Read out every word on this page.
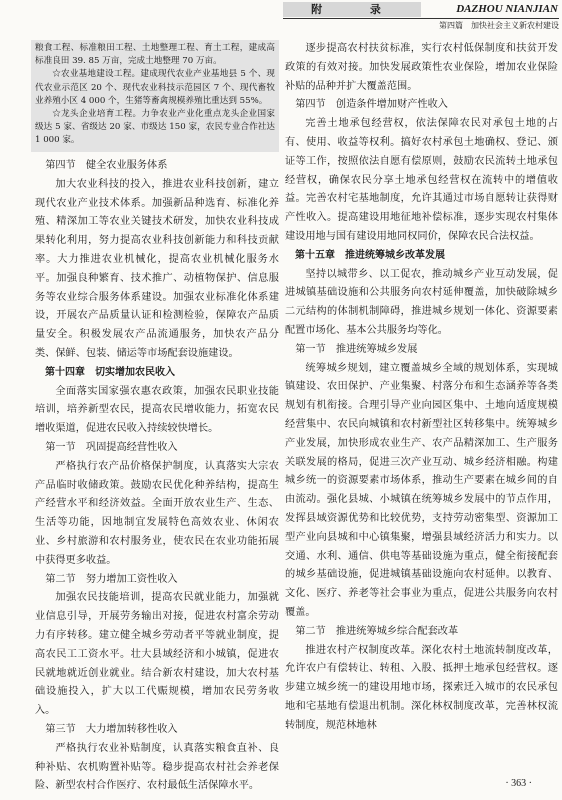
附 录	DAZHOU NIANJIAN
第四篇　加快社会主义新农村建设

粮食工程、标准粮田工程、土地整理工程、育土工程，建成高标准良田 39. 85 万亩，完成土地整理 70 万亩。

☆农业基地建设工程。建成现代农业产业基地县 5 个、现代农业示范区 20 个、现代农业科技示范园区 7 个、现代畜牧业养殖小区 4 000 个，生猪等畜禽规模养殖比重达到 55%。

☆龙头企业培育工程。力争农业产业化重点龙头企业国家级达 5 家、省级达 20 家、市级达 150 家，农民专业合作社达 1 000 家。

第四节　健全农业服务体系

加大农业科技的投入，推进农业科技创新，建立现代农业产业技术体系。加强新品种选育、标准化养殖、精深加工等农业关键技术研发，加快农业科技成果转化利用，努力提高农业科技创新能力和科技贡献率。大力推进农业机械化，提高农业机械化服务水平。加强良种繁育、技术推广、动植物保护、信息服务等农业综合服务体系建设。加强农业标准化体系建设，开展农产品质量认证和检测检验，保障农产品质量安全。积极发展农产品流通服务，加快农产品分类、保鲜、包装、储运等市场配套设施建设。

第十四章　切实增加农民收入

全面落实国家强农惠农政策，加强农民职业技能培训，培养新型农民，提高农民增收能力，拓宽农民增收渠道，促进农民收入持续较快增长。

第一节　巩固提高经营性收入

严格执行农产品价格保护制度，认真落实大宗农产品临时收储政策。鼓励农民优化种养结构，提高生产经营水平和经济效益。全面开放农业生产、生态、生活等功能，因地制宜发展特色高效农业、休闲农业、乡村旅游和农村服务业，使农民在农业功能拓展中获得更多收益。

第二节　努力增加工资性收入

加强农民技能培训，提高农民就业能力，加强就业信息引导，开展劳务输出对接，促进农村富余劳动力有序转移。建立健全城乡劳动者平等就业制度，提高农民工工资水平。壮大县域经济和小城镇，促进农民就地就近创业就业。结合新农村建设，加大农村基础设施投入，扩大以工代赈规模，增加农民劳务收入。

第三节　大力增加转移性收入

严格执行农业补贴制度，认真落实粮食直补、良种补贴、农机购置补贴等。稳步提高农村社会养老保险、新型农村合作医疗、农村最低生活保障水平。

逐步提高农村扶贫标准，实行农村低保制度和扶贫开发政策的有效对接。加快发展政策性农业保险，增加农业保险补贴的品种并扩大覆盖范围。

第四节　创造条件增加财产性收入

完善土地承包经营权，依法保障农民对承包土地的占有、使用、收益等权利。搞好农村承包土地确权、登记、颁证等工作，按照依法自愿有偿原则，鼓励农民流转土地承包经营权，确保农民分享土地承包经营权在流转中的增值收益。完善农村宅基地制度，允许其通过市场自愿转让获得财产性收入。提高建设用地征地补偿标准，逐步实现农村集体建设用地与国有建设用地同权同价，保障农民合法权益。

第十五章　推进统筹城乡改革发展

坚持以城带乡、以工促农，推动城乡产业互动发展，促进城镇基础设施和公共服务向农村延伸覆盖，加快破除城乡二元结构的体制机制障碍，推进城乡规划一体化、资源要素配置市场化、基本公共服务均等化。

第一节　推进统筹城乡发展

统筹城乡规划，建立覆盖城乡全域的规划体系，实现城镇建设、农田保护、产业集聚、村落分布和生态涵养等各类规划有机衔接。合理引导产业向园区集中、土地向适度规模经营集中、农民向城镇和农村新型社区转移集中。统筹城乡产业发展，加快形成农业生产、农产品精深加工、生产服务关联发展的格局，促进三次产业互动、城乡经济相融。构建城乡统一的资源要素市场体系，推动生产要素在城乡间的自由流动。强化县城、小城镇在统筹城乡发展中的节点作用，发挥县域资源优势和比较优势，支持劳动密集型、资源加工型产业向县城和中心镇集聚，增强县域经济活力和实力。以交通、水利、通信、供电等基础设施为重点，健全衔接配套的城乡基础设施，促进城镇基础设施向农村延伸。以教育、文化、医疗、养老等社会事业为重点，促进公共服务向农村覆盖。

第二节　推进统筹城乡综合配套改革

推进农村产权制度改革。深化农村土地流转制度改革，允许农户有偿转让、转租、入股、抵押土地承包经营权。逐步建立城乡统一的建设用地市场，探索迁入城市的农民承包地和宅基地有偿退出机制。深化林权制度改革，完善林权流转制度，规范林地林

· 363 ·
